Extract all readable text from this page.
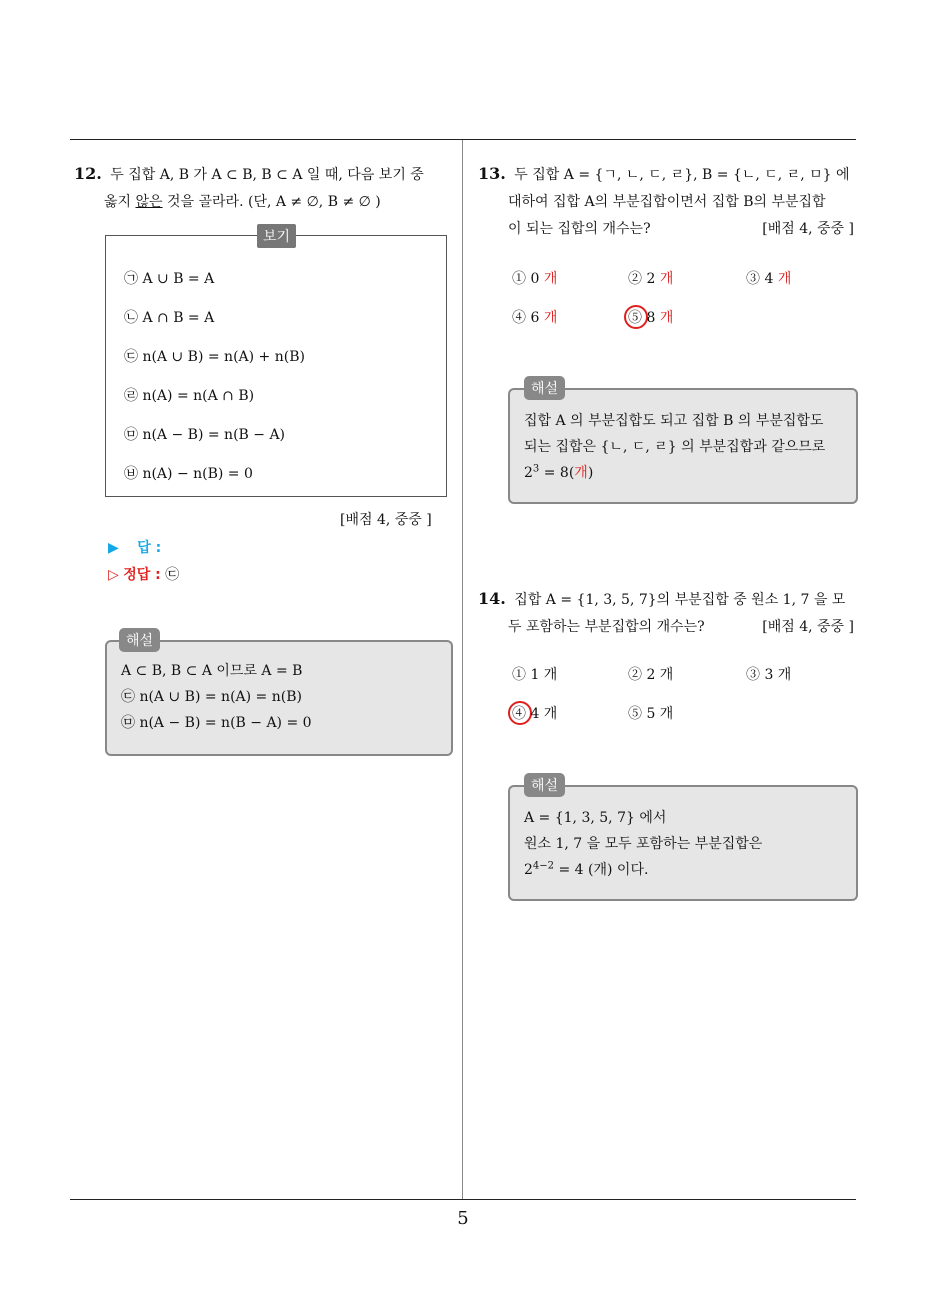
12. 두 집합 A, B 가 A ⊂ B, B ⊂ A 일 때, 다음 보기 중
옳지 않은 것을 골라라. (단, A ≠ ∅, B ≠ ∅ )
보기
㉠ A ∪ B = A
㉡ A ∩ B = A
㉢ n(A ∪ B) = n(A) + n(B)
㉣ n(A) = n(A ∩ B)
㉤ n(A − B) = n(B − A)
㉥ n(A) − n(B) = 0
[배점 4, 중중 ]
▶ 답 :
▷ 정답 : ㉢
해설
A ⊂ B, B ⊂ A 이므로 A = B
㉢ n(A ∪ B) = n(A) = n(B)
㉤ n(A − B) = n(B − A) = 0
13. 두 집합 A = {ㄱ, ㄴ, ㄷ, ㄹ}, B = {ㄴ, ㄷ, ㄹ, ㅁ} 에
대하여 집합 A의 부분집합이면서 집합 B의 부분집합
이 되는 집합의 개수는?	[배점 4, 중중 ]
① 0 개	② 2 개	③ 4 개
④ 6 개	⑤ 8 개
해설
집합 A 의 부분집합도 되고 집합 B 의 부분집합도
되는 집합은 {ㄴ, ㄷ, ㄹ} 의 부분집합과 같으므로
$2^3 = 8$(개)
14. 집합 A = {1, 3, 5, 7}의 부분집합 중 원소 1, 7 을 모
두 포함하는 부분집합의 개수는?	[배점 4, 중중 ]
① 1 개	② 2 개	③ 3 개
④ 4 개	⑤ 5 개
해설
A = {1, 3, 5, 7} 에서
원소 1, 7 을 모두 포함하는 부분집합은
$2^{4-2} = 4$ (개) 이다.
5
